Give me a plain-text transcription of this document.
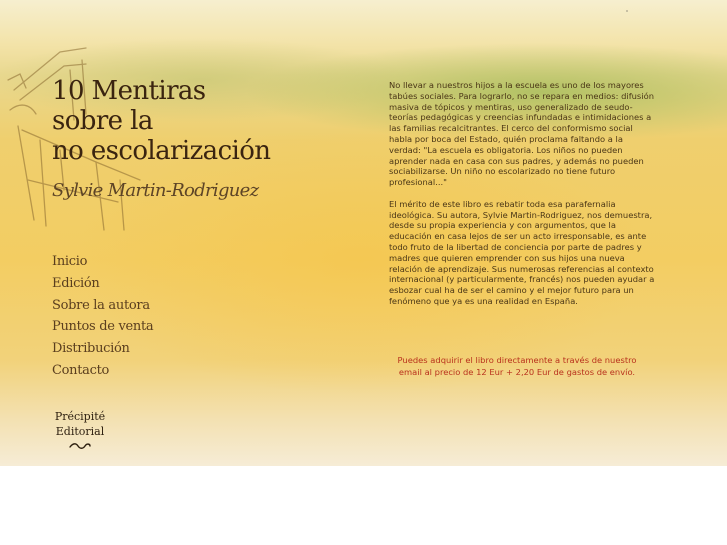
10 Mentiras
sobre la
no escolarización
Sylvie Martin-Rodriguez
Inicio
Edición
Sobre la autora
Puntos de venta
Distribución
Contacto
Précipité
Editorial

No llevar a nuestros hijos a la escuela es uno de los mayores tabúes sociales. Para lograrlo, no se repara en medios: difusión masiva de tópicos y mentiras, uso generalizado de seudo-teorías pedagógicas y creencias infundadas e intimidaciones a las familias recalcitrantes. El cerco del conformismo social habla por boca del Estado, quién proclama faltando a la verdad: "La escuela es obligatoria. Los niños no pueden aprender nada en casa con sus padres, y además no pueden sociabilizarse. Un niño no escolarizado no tiene futuro profesional..."

El mérito de este libro es rebatir toda esa parafernalia ideológica. Su autora, Sylvie Martin-Rodriguez, nos demuestra, desde su propia experiencia y con argumentos, que la educación en casa lejos de ser un acto irresponsable, es ante todo fruto de la libertad de conciencia por parte de padres y madres que quieren emprender con sus hijos una nueva relación de aprendizaje. Sus numerosas referencias al contexto internacional (y particularmente, francés) nos pueden ayudar a esbozar cual ha de ser el camino y el mejor futuro para un fenómeno que ya es una realidad en España.

Puedes adquirir el libro directamente a través de nuestro email al precio de 12 Eur + 2,20 Eur de gastos de envío.
